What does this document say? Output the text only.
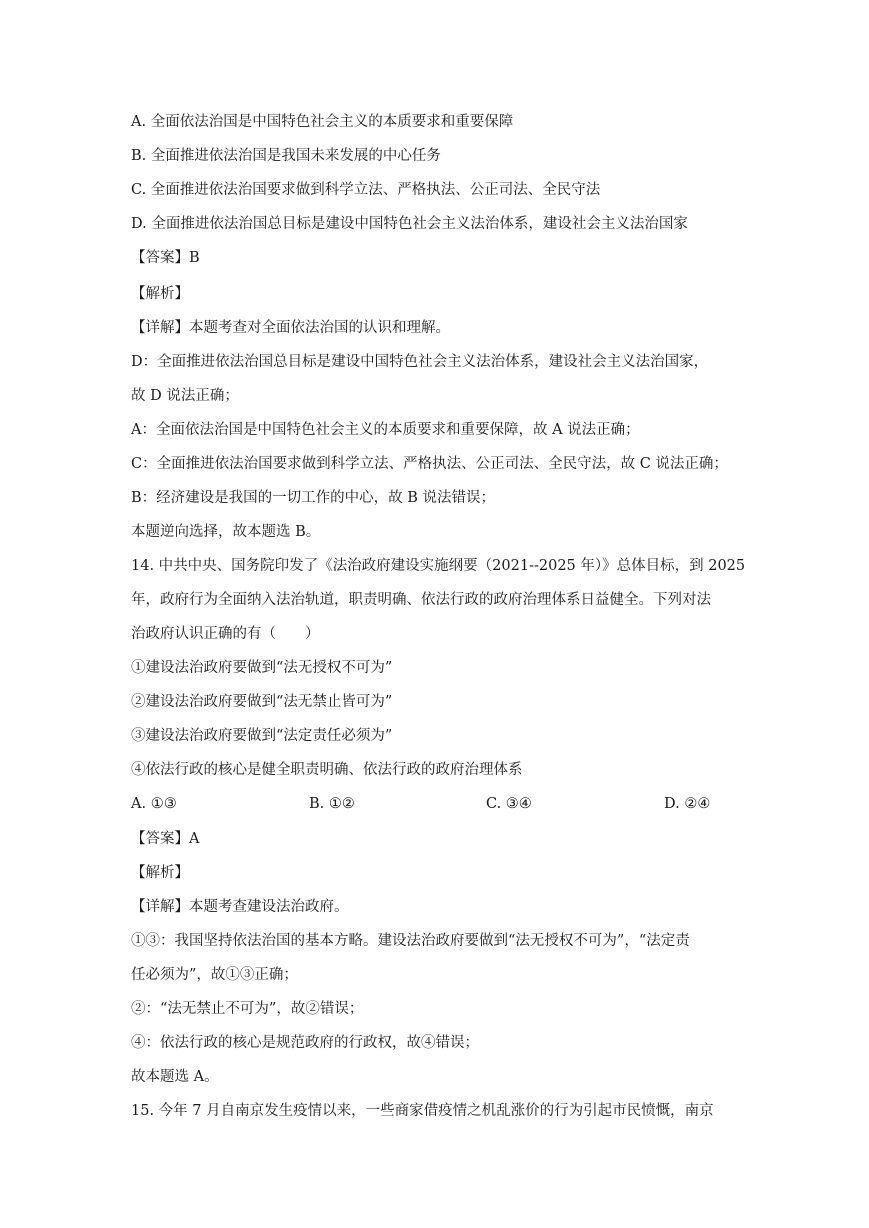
A. 全面依法治国是中国特色社会主义的本质要求和重要保障
B. 全面推进依法治国是我国未来发展的中心任务
C. 全面推进依法治国要求做到科学立法、严格执法、公正司法、全民守法
D. 全面推进依法治国总目标是建设中国特色社会主义法治体系，建设社会主义法治国家
【答案】B
【解析】
【详解】本题考查对全面依法治国的认识和理解。
D：全面推进依法治国总目标是建设中国特色社会主义法治体系，建设社会主义法治国家，
故 D 说法正确；
A：全面依法治国是中国特色社会主义的本质要求和重要保障，故 A 说法正确；
C：全面推进依法治国要求做到科学立法、严格执法、公正司法、全民守法，故 C 说法正确；
B：经济建设是我国的一切工作的中心，故 B 说法错误；
本题逆向选择，故本题选 B。
14. 中共中央、国务院印发了《法治政府建设实施纲要（2021--2025 年）》总体目标，到 2025
年，政府行为全面纳入法治轨道，职责明确、依法行政的政府治理体系日益健全。下列对法
治政府认识正确的有（　　）
①建设法治政府要做到“法无授权不可为”
②建设法治政府要做到“法无禁止皆可为”
③建设法治政府要做到“法定责任必须为”
④依法行政的核心是健全职责明确、依法行政的政府治理体系
A. ①③	B. ①②	C. ③④	D. ②④
【答案】A
【解析】
【详解】本题考查建设法治政府。
①③：我国坚持依法治国的基本方略。建设法治政府要做到“法无授权不可为”，“法定责
任必须为”，故①③正确；
②：“法无禁止不可为”，故②错误；
④：依法行政的核心是规范政府的行政权，故④错误；
故本题选 A。
15. 今年 7 月自南京发生疫情以来，一些商家借疫情之机乱涨价的行为引起市民愤慨，南京
